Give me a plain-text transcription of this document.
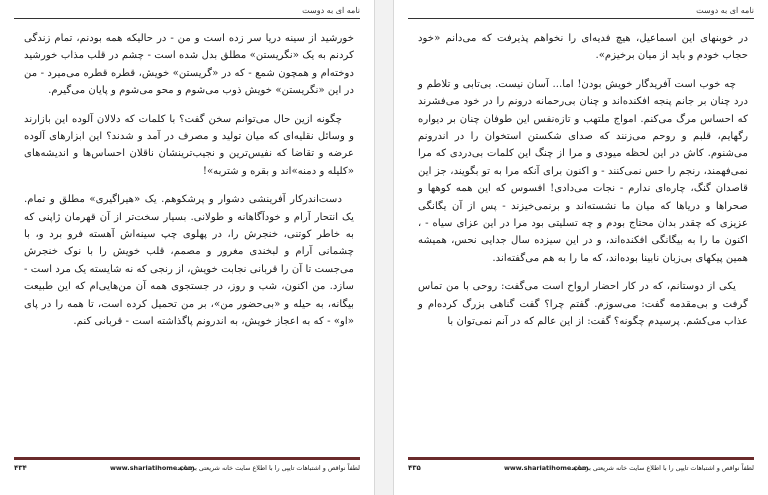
نامه ای به دوست

خورشید از سینه دریا سر زده است و من - در حالیکه همه بودنم، تمام زندگی کردنم به یک «نگریستن» مطلق بدل شده است - چشم در قلب مذاب خورشید دوخته‌ام و همچون شمع - که در «گریستن» خویش، قطره قطره می‌میرد - من در این «نگریستن» خویش ذوب می‌شوم و محو می‌شوم و پایان می‌گیرم.

چگونه ازین حال می‌توانم سخن گفت؟ با کلمات که دلالان آلوده این بازارند و وسائل نقلیه‌ای که میان تولید و مصرف در آمد و شدند؟ این ابزارهای آلوده عرضه و تقاضا که نفیس‌ترین و نجیب‌ترینشان ناقلان احساس‌ها و اندیشه‌های «کلیله و دمنه»اند و بقره و شتربه»!

دست‌اندرکار آفرینشی دشوار و پرشکوهم. یک «هیراگیری» مطلق و تمام. یک انتحار آرام و خودآگاهانه و طولانی. بسیار سخت‌تر از آن قهرمان ژاپنی که به خاطر کوتنی، خنجرش را، در پهلوی چپ سینه‌اش آهسته فرو برد و، با چشمانی آرام و لبخندی مغرور و مصمم، قلب خویش را با نوک خنجرش می‌جست تا آن را قربانی نجابت خویش، از رنجی که نه شایسته یک مرد است - سازد. من اکنون، شب و روز، در جستجوی همه آن من‌هایی‌ام که این طبیعت بیگانه، به حیله و «بی‌حضور من»، بر من تحمیل کرده است، تا همه را در پای «او» - که به اعجاز خویش، به اندرونم پاگذاشته است - قربانی کنم.

۴۳۴	www.shariatihome.com
لطفاً نواقص و اشتباهات تایپی را با اطلاع سایت خانه شریعتی برسانید.
نامه ای به دوست

در خوبنهای این اسماعیل، هیچ فدیه‌ای را نخواهم پذیرفت که می‌دانم «خود حجاب خودم و باید از میان برخیزم».

چه خوب است آفریدگار خویش بودن! اما... آسان نیست. بی‌تابی و تلاطم و درد چنان بر جانم پنجه افکنده‌اند و چنان بی‌رحمانه درونم را در خود می‌فشرند که احساس مرگ می‌کنم. امواج ملتهب و تازه‌نفس این طوفان چنان بر دیواره رگهایم، قلبم و روحم می‌زنند که صدای شکستن استخوان را در اندرونم می‌شنوم. کاش در این لحظه میودی و مرا از چنگ این کلمات بی‌دردی که مرا نمی‌فهمند، رنجم را حس نمی‌کنند - و اکنون برای آنکه مرا به تو بگویند، جز این قاصدان گنگ، چاره‌ای ندارم - نجات می‌دادی! افسوس که این همه کوهها و صحراها و دریاها که میان ما نشسته‌اند و برنمی‌خیزند - پس از آن یگانگی عزیزی که چقدر بدان محتاج بودم و چه تسلیتی بود مرا در این عزای سیاه - ، اکنون ما را به بیگانگی افکنده‌اند، و در این سیزده سال جدایی نحس، همیشه همین پیکهای بی‌زبان نابینا بوده‌اند، که ما را به هم می‌گفته‌اند.

یکی از دوستانم، که در کار احضار ارواح است می‌گفت: روحی با من تماس گرفت و بی‌مقدمه گفت: می‌سوزم. گفتم چرا؟ گفت گناهی بزرگ کرده‌ام و عذاب می‌کشم. پرسیدم چگونه؟ گفت: از این عالم که در آنم نمی‌توان با

۴۳۵	www.shariatihome.com
لطفاً نواقص و اشتباهات تایپی را با اطلاع سایت خانه شریعتی برسانید.
